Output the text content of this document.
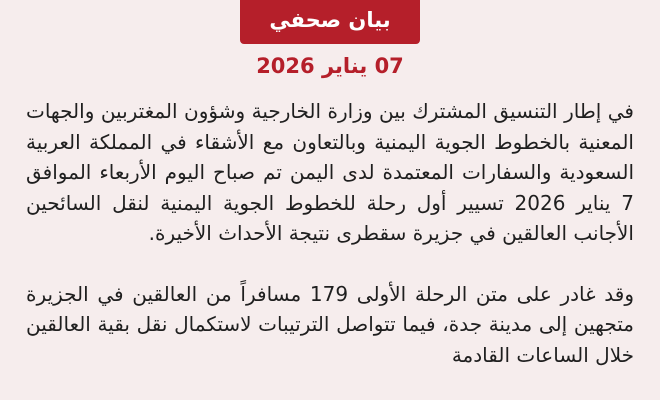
بيان صحفي
07 يناير 2026

في إطار التنسيق المشترك بين وزارة الخارجية وشؤون المغتربين والجهات المعنية بالخطوط الجوية اليمنية وبالتعاون مع الأشقاء في المملكة العربية السعودية والسفارات المعتمدة لدى اليمن تم صباح اليوم الأربعاء الموافق 7 يناير 2026 تسيير أول رحلة للخطوط الجوية اليمنية لنقل السائحين الأجانب العالقين في جزيرة سقطرى نتيجة الأحداث الأخيرة.

وقد غادر على متن الرحلة الأولى 179 مسافراً من العالقين في الجزيرة متجهين إلى مدينة جدة، فيما تتواصل الترتيبات لاستكمال نقل بقية العالقين خلال الساعات القادمة
